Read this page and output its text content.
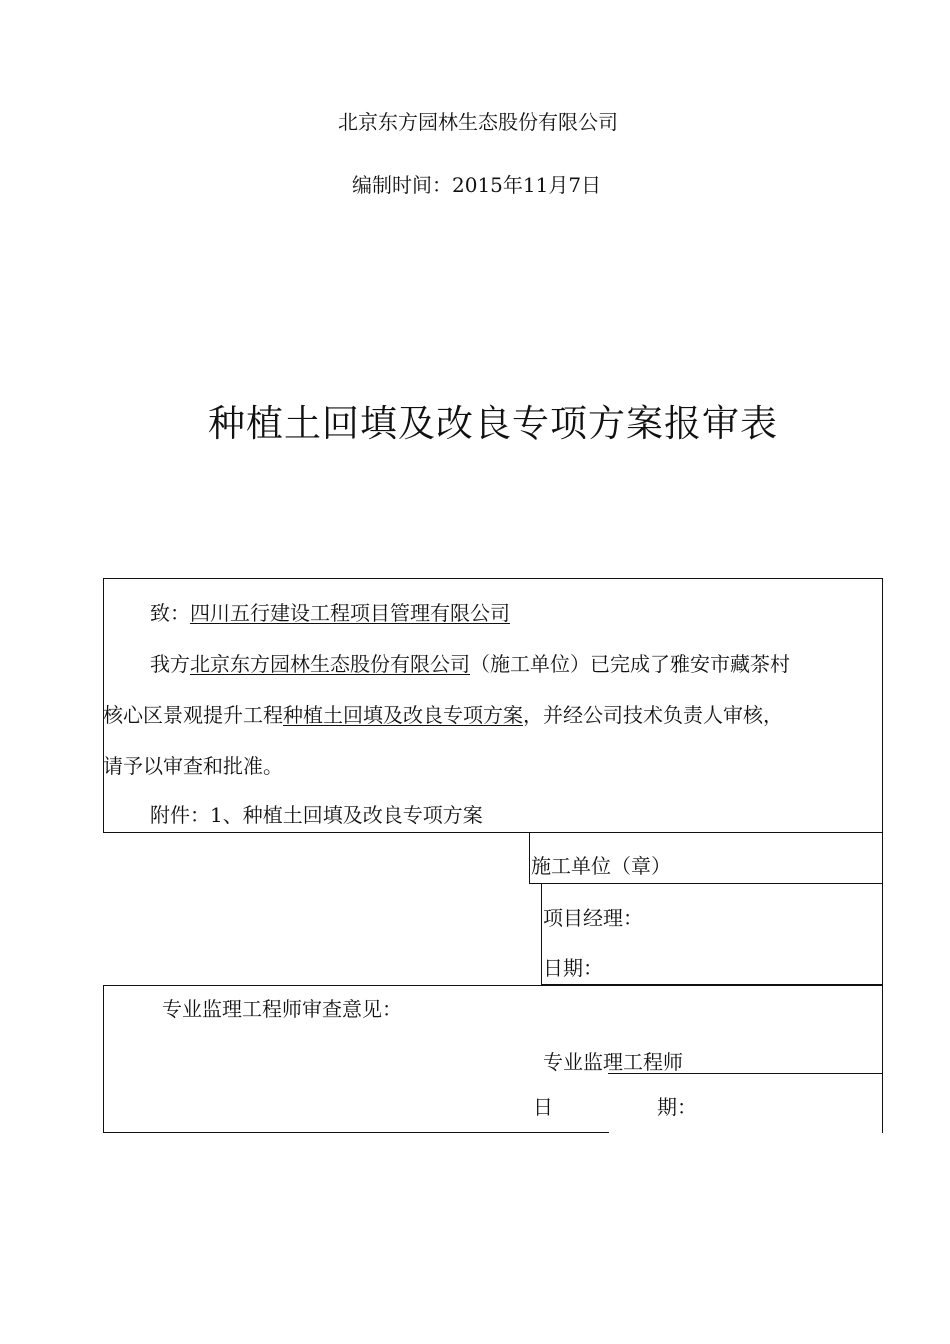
北京东方园林生态股份有限公司
编制时间：2015年11月7日
种植土回填及改良专项方案报审表
致：四川五行建设工程项目管理有限公司
我方北京东方园林生态股份有限公司（施工单位）已完成了雅安市藏茶村
核心区景观提升工程种植土回填及改良专项方案，并经公司技术负责人审核，
请予以审查和批准。
附件：1、种植土回填及改良专项方案
施工单位（章）
项目经理：
日期：
专业监理工程师审查意见：
专业监理工程师
日	期：
